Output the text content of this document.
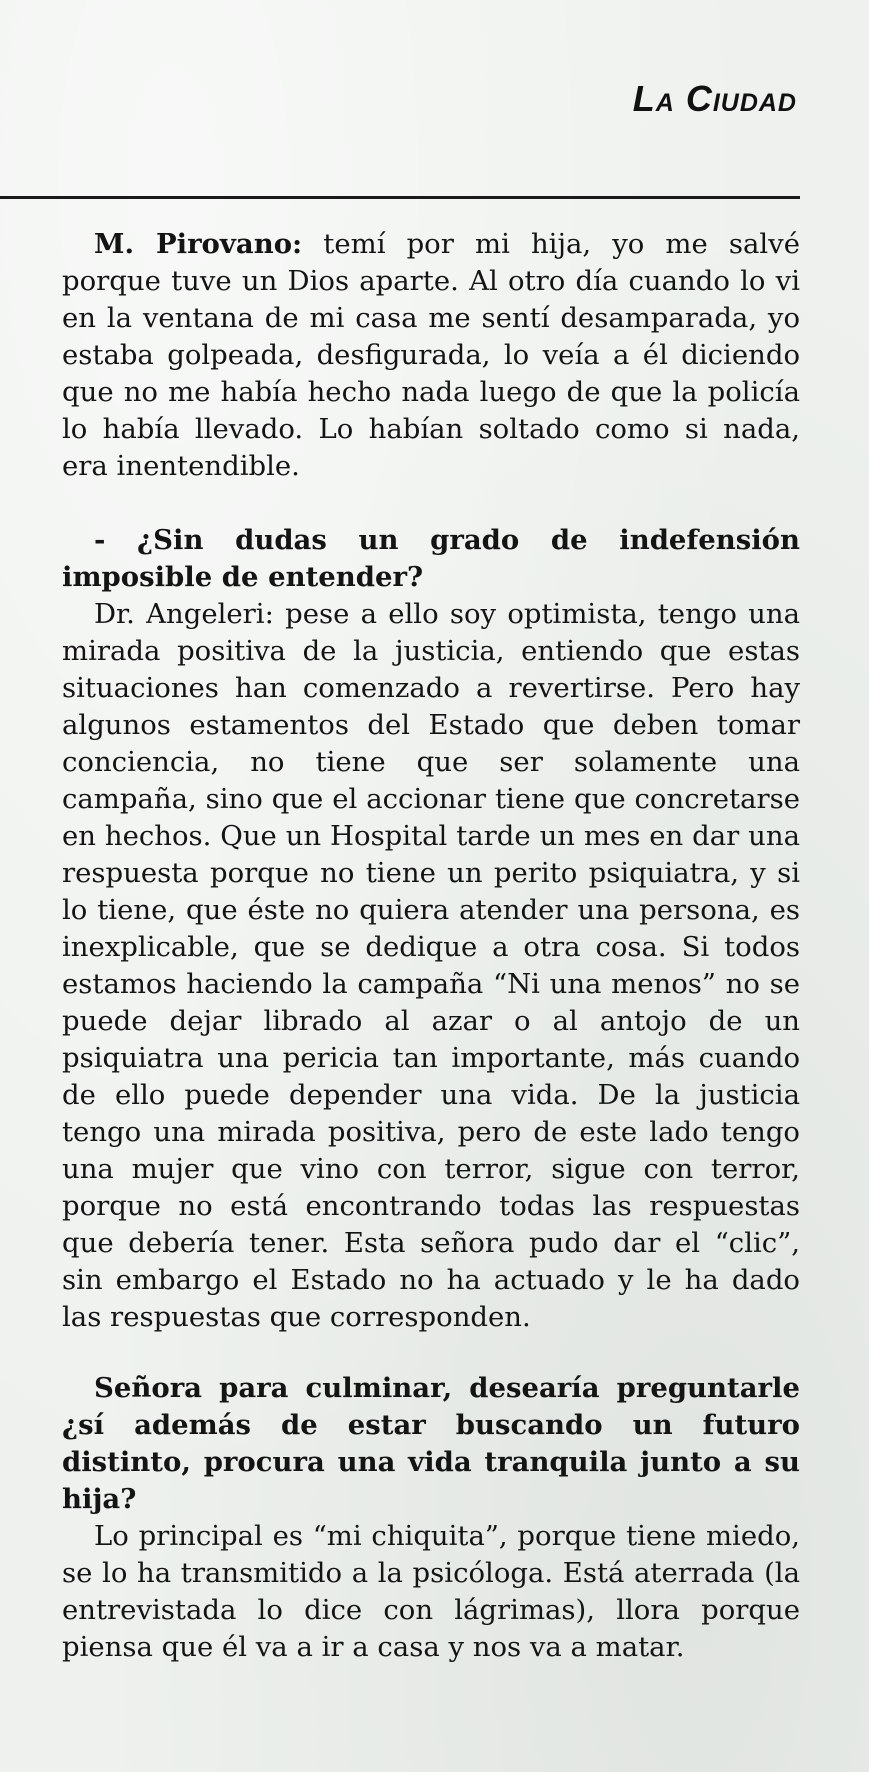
La Ciudad

M. Pirovano: temí por mi hija, yo me salvé porque tuve un Dios aparte. Al otro día cuando lo vi en la ventana de mi casa me sentí desamparada, yo estaba golpeada, desfigurada, lo veía a él diciendo que no me había hecho nada luego de que la policía lo había llevado. Lo habían soltado como si nada, era inentendible.

- ¿Sin dudas un grado de indefensión imposible de entender?

Dr. Angeleri: pese a ello soy optimista, tengo una mirada positiva de la justicia, entiendo que estas situaciones han comenzado a revertirse. Pero hay algunos estamentos del Estado que deben tomar conciencia, no tiene que ser solamente una campaña, sino que el accionar tiene que concretarse en hechos. Que un Hospital tarde un mes en dar una respuesta porque no tiene un perito psiquiatra, y si lo tiene, que éste no quiera atender una persona, es inexplicable, que se dedique a otra cosa. Si todos estamos haciendo la campaña “Ni una menos” no se puede dejar librado al azar o al antojo de un psiquiatra una pericia tan importante, más cuando de ello puede depender una vida. De la justicia tengo una mirada positiva, pero de este lado tengo una mujer que vino con terror, sigue con terror, porque no está encontrando todas las respuestas que debería tener. Esta señora pudo dar el “clic”, sin embargo el Estado no ha actuado y le ha dado las respuestas que corresponden.

Señora para culminar, desearía preguntarle ¿sí además de estar buscando un futuro distinto, procura una vida tranquila junto a su hija?

Lo principal es “mi chiquita”, porque tiene miedo, se lo ha transmitido a la psicóloga. Está aterrada (la entrevistada lo dice con lágrimas), llora porque piensa que él va a ir a casa y nos va a matar.
